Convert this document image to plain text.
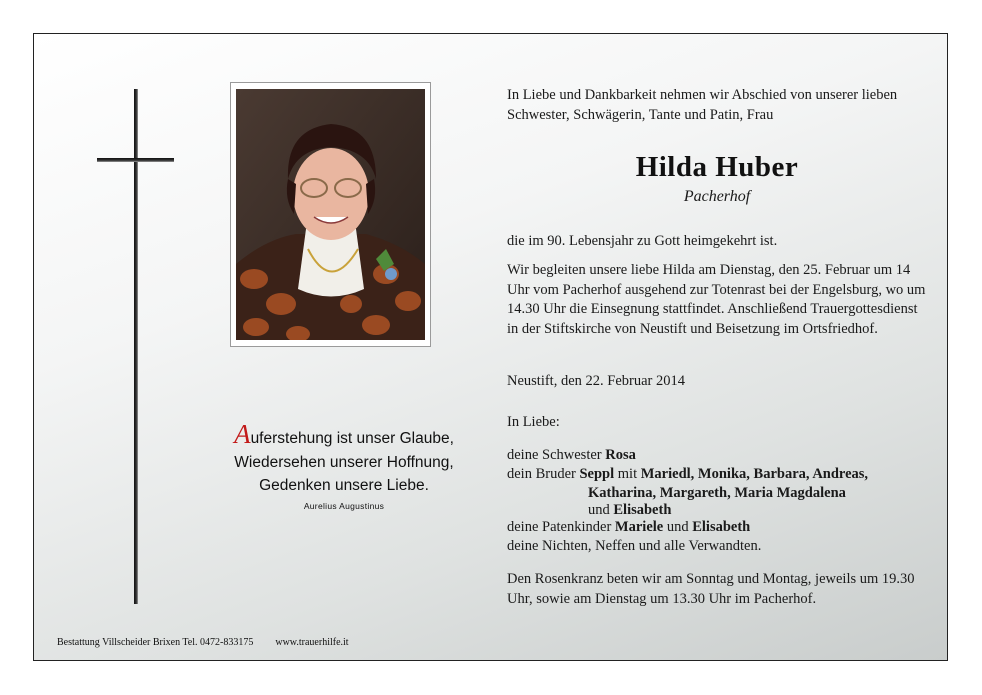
Auferstehung ist unser Glaube,
Wiedersehen unserer Hoffnung,
Gedenken unsere Liebe.
Aurelius Augustinus
In Liebe und Dankbarkeit nehmen wir Abschied von unserer lieben Schwester, Schwägerin, Tante und Patin, Frau
Hilda Huber
Pacherhof
die im 90. Lebensjahr zu Gott heimgekehrt ist.
Wir begleiten unsere liebe Hilda am Dienstag, den 25. Februar um 14 Uhr vom Pacherhof ausgehend zur Totenrast bei der Engelsburg, wo um 14.30 Uhr die Einsegnung stattfindet. Anschließend Trauergottesdienst in der Stiftskirche von Neustift und Beisetzung im Ortsfriedhof.
Neustift, den 22. Februar 2014
In Liebe:
deine Schwester Rosa
dein Bruder Seppl mit Mariedl, Monika, Barbara, Andreas,
Katharina, Margareth, Maria Magdalena
und Elisabeth
deine Patenkinder Mariele und Elisabeth
deine Nichten, Neffen und alle Verwandten.
Den Rosenkranz beten wir am Sonntag und Montag, jeweils um 19.30 Uhr, sowie am Dienstag um 13.30 Uhr im Pacherhof.
Bestattung Villscheider Brixen Tel. 0472-833175 www.trauerhilfe.it
